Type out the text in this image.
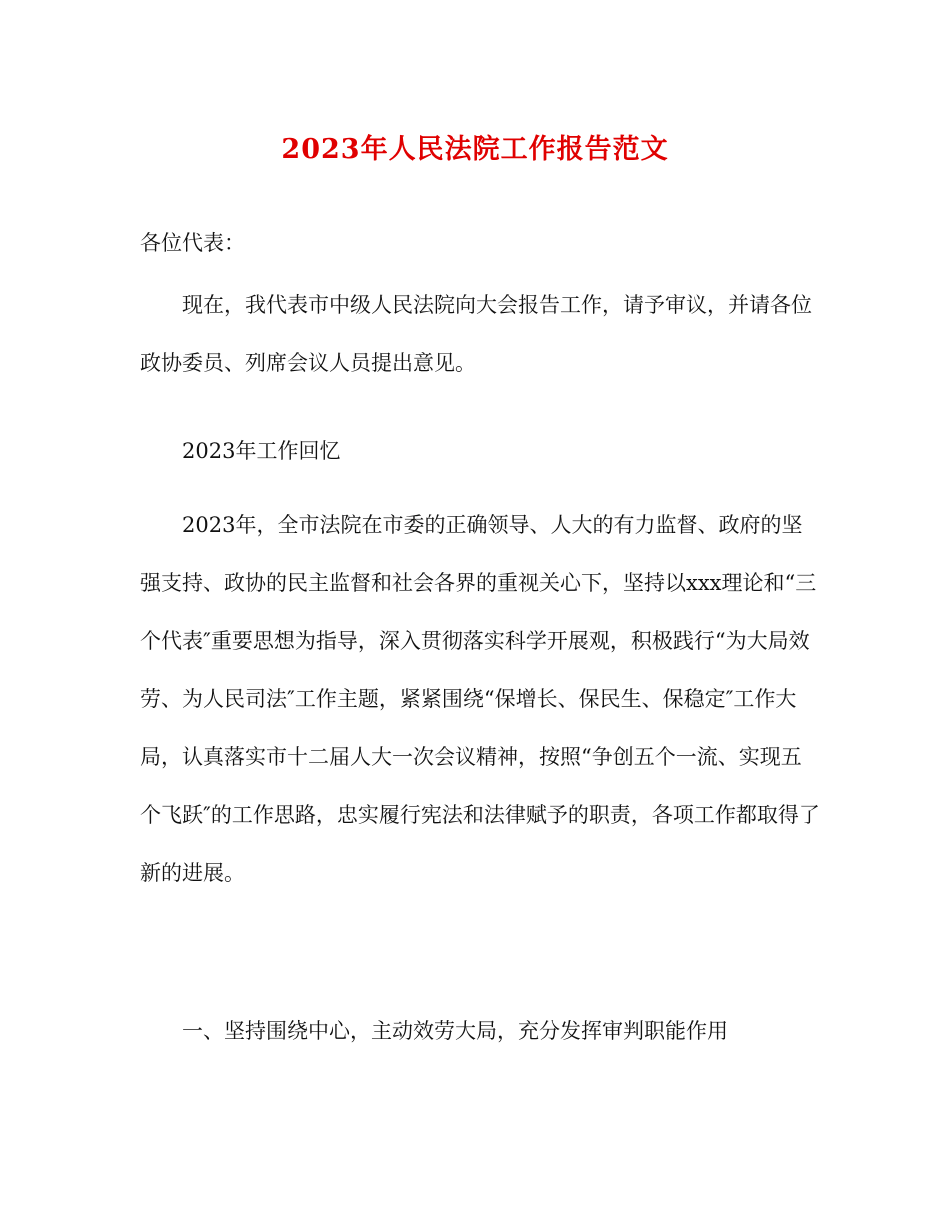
2023年人民法院工作报告范文

各位代表：

现在，我代表市中级人民法院向大会报告工作，请予审议，并请各位政协委员、列席会议人员提出意见。

2023年工作回忆

2023年，全市法院在市委的正确领导、人大的有力监督、政府的坚强支持、政协的民主监督和社会各界的重视关心下，坚持以xxx理论和“三个代表″重要思想为指导，深入贯彻落实科学开展观，积极践行“为大局效劳、为人民司法″工作主题，紧紧围绕“保增长、保民生、保稳定″工作大局，认真落实市十二届人大一次会议精神，按照“争创五个一流、实现五个飞跃″的工作思路，忠实履行宪法和法律赋予的职责，各项工作都取得了新的进展。

一、坚持围绕中心，主动效劳大局，充分发挥审判职能作用
